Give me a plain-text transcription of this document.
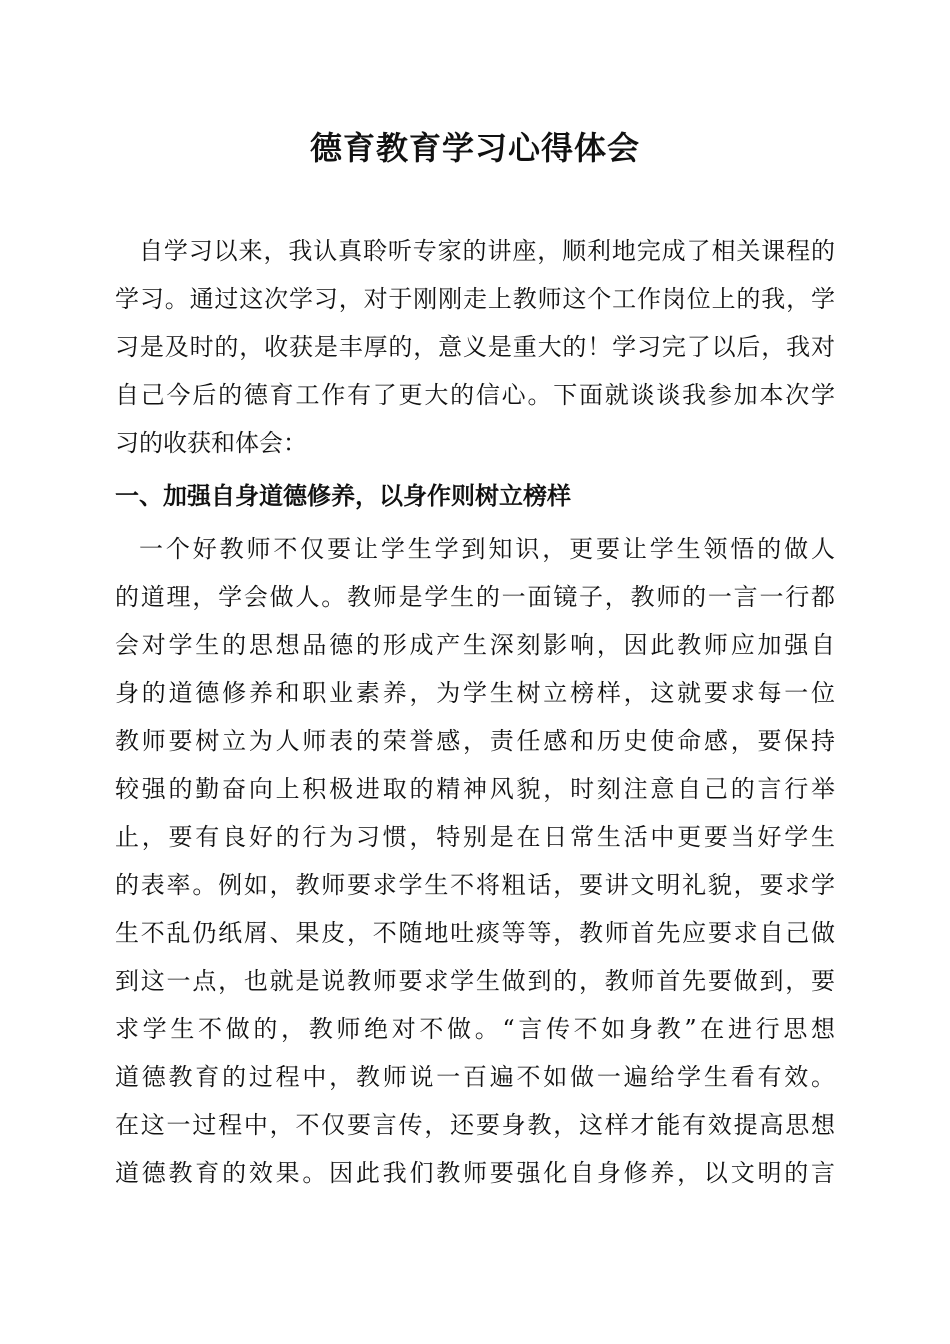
德育教育学习心得体会

自学习以来，我认真聆听专家的讲座，顺利地完成了相关课程的

学习。通过这次学习，对于刚刚走上教师这个工作岗位上的我，学

习是及时的，收获是丰厚的，意义是重大的！学习完了以后，我对

自己今后的德育工作有了更大的信心。下面就谈谈我参加本次学

习的收获和体会：

一、加强自身道德修养，以身作则树立榜样

一个好教师不仅要让学生学到知识，更要让学生领悟的做人

的道理，学会做人。教师是学生的一面镜子，教师的一言一行都

会对学生的思想品德的形成产生深刻影响，因此教师应加强自

身的道德修养和职业素养，为学生树立榜样，这就要求每一位

教师要树立为人师表的荣誉感，责任感和历史使命感，要保持

较强的勤奋向上积极进取的精神风貌，时刻注意自己的言行举

止，要有良好的行为习惯，特别是在日常生活中更要当好学生

的表率。例如，教师要求学生不将粗话，要讲文明礼貌，要求学

生不乱仍纸屑、果皮，不随地吐痰等等，教师首先应要求自己做

到这一点，也就是说教师要求学生做到的，教师首先要做到，要

求学生不做的，教师绝对不做。“言传不如身教”在进行思想

道德教育的过程中，教师说一百遍不如做一遍给学生看有效。

在这一过程中，不仅要言传，还要身教，这样才能有效提高思想

道德教育的效果。因此我们教师要强化自身修养，以文明的言
